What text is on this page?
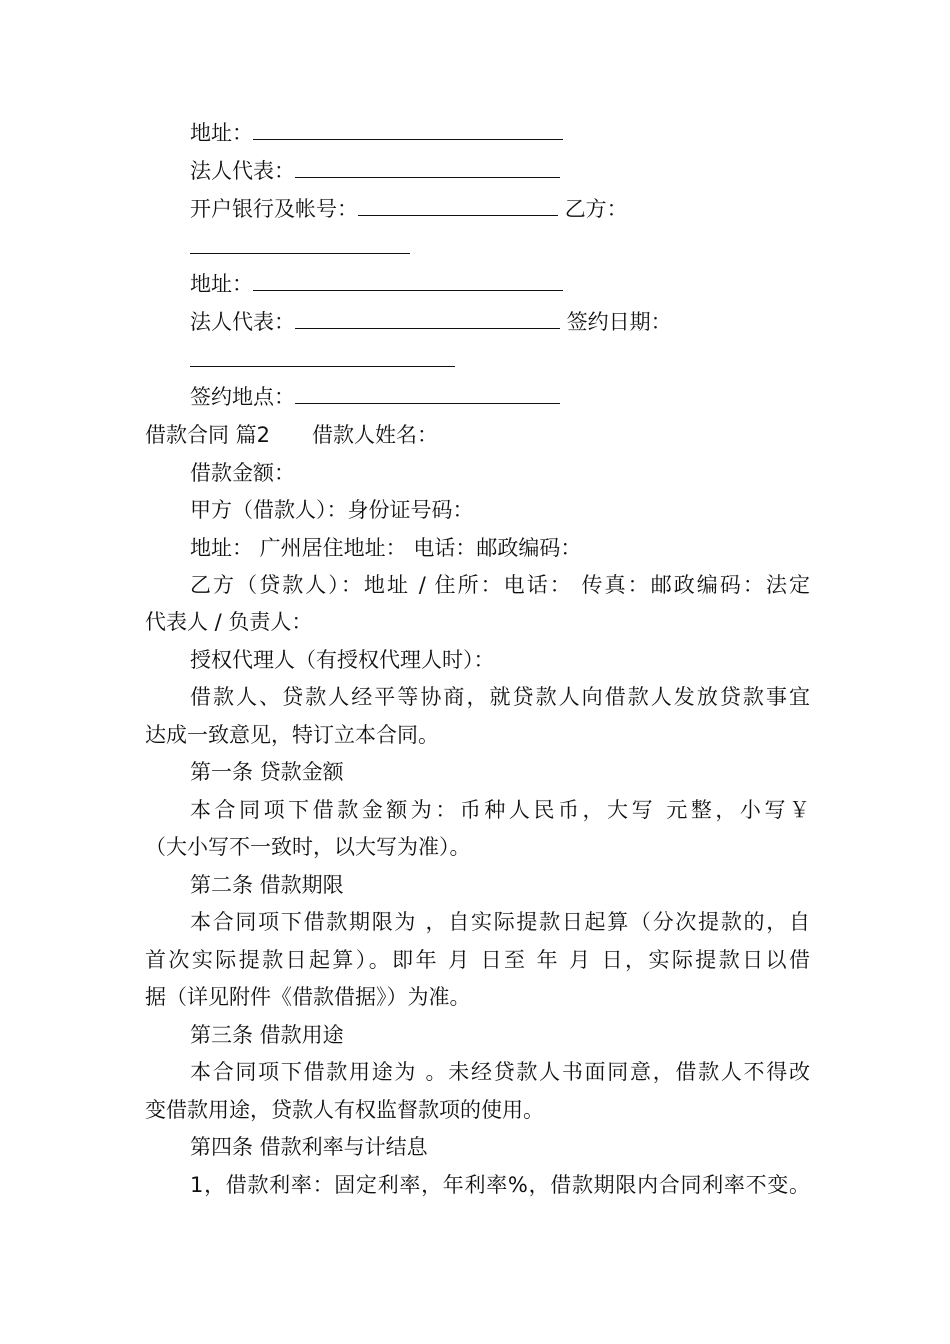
地址：
法人代表：
开户银行及帐号：	乙方：
地址：
法人代表：	签约日期：
签约地点：
借款合同 篇2 借款人姓名：
借款金额：
甲方（借款人）：身份证号码：
地址： 广州居住地址： 电话：邮政编码：
乙方（贷款人）：地址 / 住所：电话： 传真：邮政编码：法定
代表人 / 负责人：
授权代理人（有授权代理人时）：
借款人、贷款人经平等协商，就贷款人向借款人发放贷款事宜
达成一致意见，特订立本合同。
第一条 贷款金额
本合同项下借款金额为：币种人民币，大写 元整，小写￥
（大小写不一致时，以大写为准）。
第二条 借款期限
本合同项下借款期限为 ，自实际提款日起算（分次提款的，自
首次实际提款日起算）。即年 月 日至 年 月 日，实际提款日以借
据（详见附件《借款借据》）为准。
第三条 借款用途
本合同项下借款用途为 。未经贷款人书面同意，借款人不得改
变借款用途，贷款人有权监督款项的使用。
第四条 借款利率与计结息
1，借款利率：固定利率，年利率%，借款期限内合同利率不变。
